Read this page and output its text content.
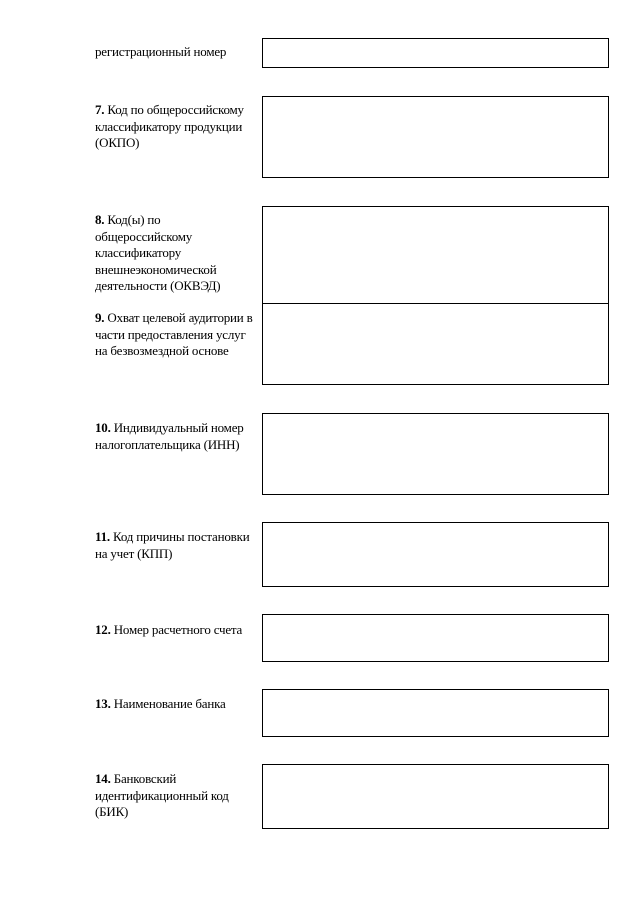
регистрационный номер
7. Код по общероссийскому классификатору продукции (ОКПО)
8. Код(ы) по общероссийскому классификатору внешнеэкономической деятельности (ОКВЭД)
9. Охват целевой аудитории в части предоставления услуг на безвозмездной основе
10. Индивидуальный номер налогоплательщика (ИНН)
11. Код причины постановки на учет (КПП)
12. Номер расчетного счета
13. Наименование банка
14. Банковский идентификационный код (БИК)
